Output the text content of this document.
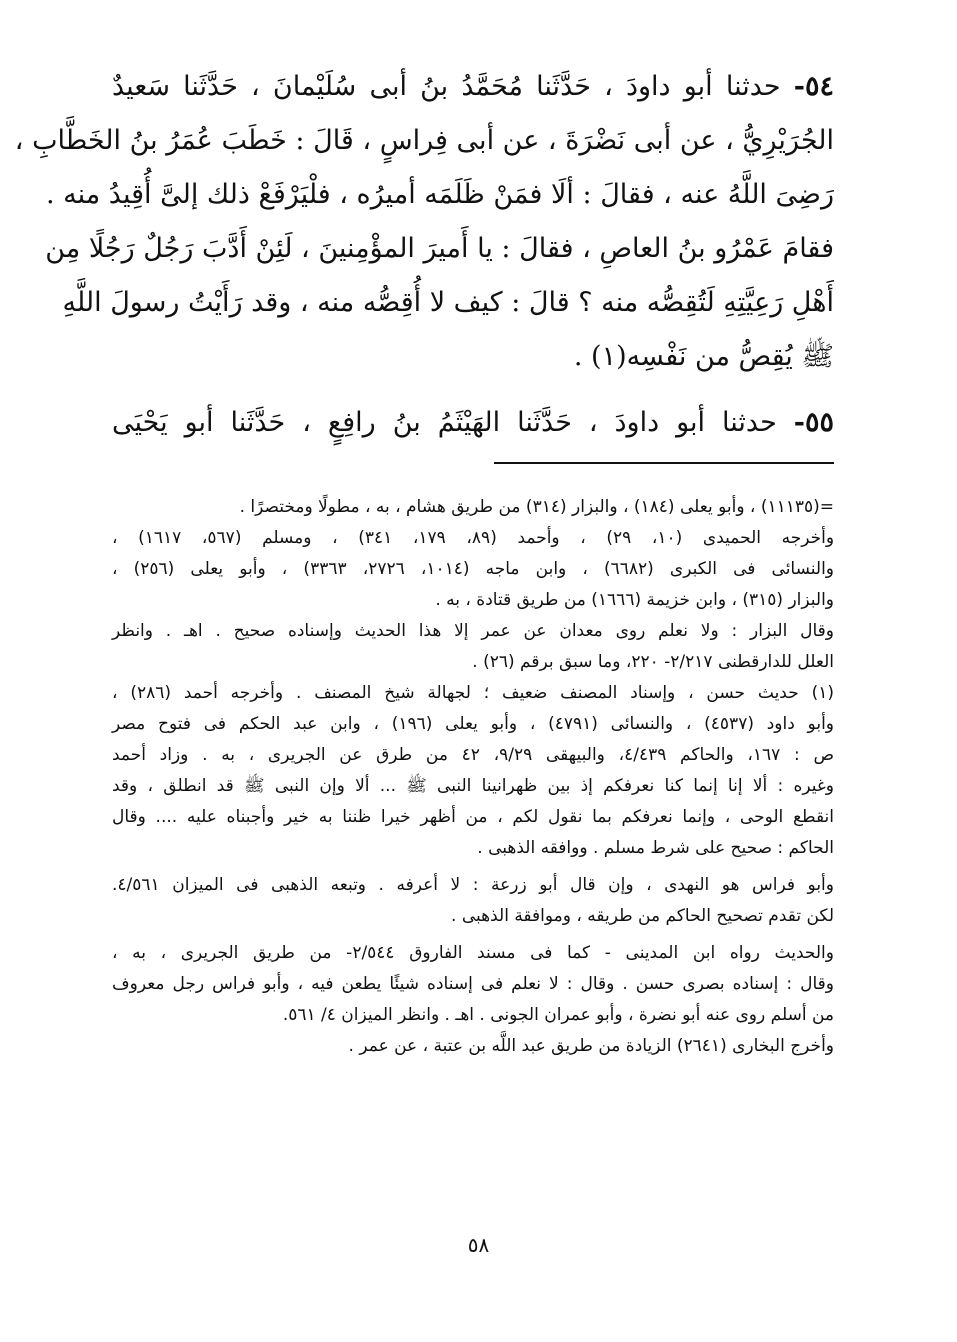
٥٤- حدثنا أبو داودَ ، حَدَّثَنا مُحَمَّدُ بنُ أبى سُلَيْمانَ ، حَدَّثَنا سَعيدٌ
الجُرَيْرِيُّ ، عن أبى نَضْرَةَ ، عن أبى فِراسٍ ، قَالَ : خَطَبَ عُمَرُ بنُ الخَطَّابِ ،
رَضِىَ اللَّهُ عنه ، فقالَ : ألَا فمَنْ ظَلَمَه أميرُه ، فلْيَرْفَعْ ذلك إلىَّ أُقِيدُ منه .
فقامَ عَمْرُو بنُ العاصِ ، فقالَ : يا أَميرَ المؤْمِنينَ ، لَئِنْ أَدَّبَ رَجُلٌ رَجُلًا مِن
أَهْلِ رَعِيَّتِهِ لَتُقِصُّه منه ؟ قالَ : كيف لا أُقِصُّه منه ، وقد رَأَيْتُ رسولَ اللَّهِ
ﷺ يُقِصُّ من نَفْسِه(١) .
٥٥- حدثنا أبو داودَ ، حَدَّثَنا الهَيْثَمُ بنُ رافِعٍ ، حَدَّثَنا أبو يَحْيَى
=(١١١٣٥) ، وأبو يعلى (١٨٤) ، والبزار (٣١٤) من طريق هشام ، به ، مطولًا ومختصرًا .
وأخرجه الحميدى (١٠، ٢٩) ، وأحمد (٨٩، ١٧٩، ٣٤١) ، ومسلم (٥٦٧، ١٦١٧) ،
والنسائى فى الكبرى (٦٦٨٢) ، وابن ماجه (١٠١٤، ٢٧٢٦، ٣٣٦٣) ، وأبو يعلى (٢٥٦) ،
والبزار (٣١٥) ، وابن خزيمة (١٦٦٦) من طريق قتادة ، به .
وقال البزار : ولا نعلم روى معدان عن عمر إلا هذا الحديث وإسناده صحيح . اهـ . وانظر
العلل للدارقطنى ٢/٢١٧- ٢٢٠، وما سبق برقم (٢٦) .
(١) حديث حسن ، وإسناد المصنف ضعيف ؛ لجهالة شيخ المصنف . وأخرجه أحمد (٢٨٦) ،
وأبو داود (٤٥٣٧) ، والنسائى (٤٧٩١) ، وأبو يعلى (١٩٦) ، وابن عبد الحكم فى فتوح مصر
ص : ١٦٧، والحاكم ٤/٤٣٩، والبيهقى ٩/٢٩، ٤٢ من طرق عن الجريرى ، به . وزاد أحمد
وغيره : ألا إنا إنما كنا نعرفكم إذ بين ظهرانينا النبى ﷺ ... ألا وإن النبى ﷺ قد انطلق ، وقد
انقطع الوحى ، وإنما نعرفكم بما نقول لكم ، من أظهر خيرا ظننا به خير وأجبناه عليه .... وقال
الحاكم : صحيح على شرط مسلم . ووافقه الذهبى .
وأبو فراس هو النهدى ، وإن قال أبو زرعة : لا أعرفه . وتبعه الذهبى فى الميزان ٤/٥٦١.
لكن تقدم تصحيح الحاكم من طريقه ، وموافقة الذهبى .
والحديث رواه ابن المدينى - كما فى مسند الفاروق ٢/٥٤٤- من طريق الجريرى ، به ،
وقال : إسناده بصرى حسن . وقال : لا نعلم فى إسناده شيئًا يطعن فيه ، وأبو فراس رجل معروف
من أسلم روى عنه أبو نضرة ، وأبو عمران الجونى . اهـ . وانظر الميزان ٤/ ٥٦١.
وأخرج البخارى (٢٦٤١) الزيادة من طريق عبد اللَّه بن عتبة ، عن عمر .
٥٨
